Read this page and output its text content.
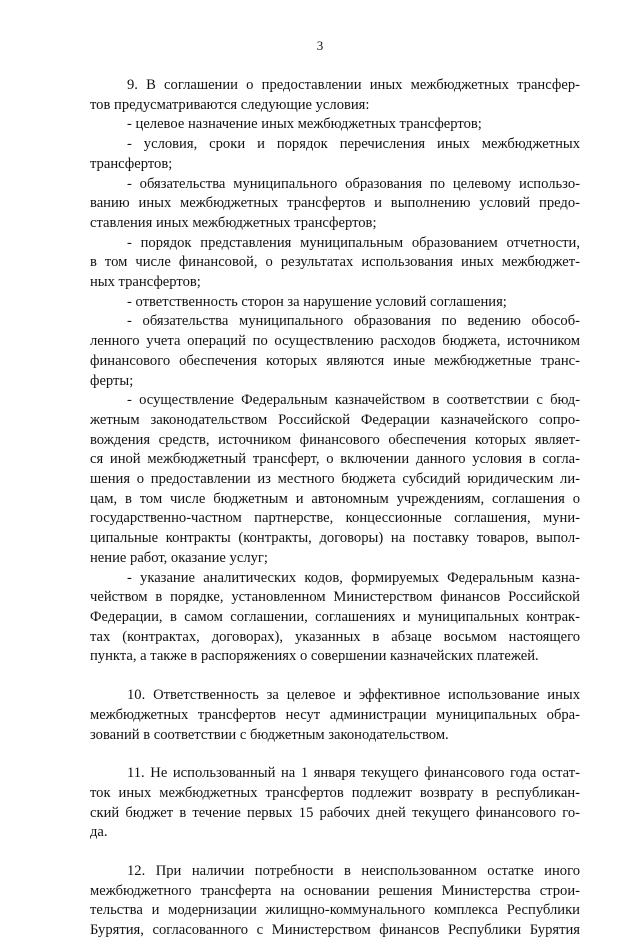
3
9. В соглашении о предоставлении иных межбюджетных трансфер-
тов предусматриваются следующие условия:
- целевое назначение иных межбюджетных трансфертов;
- условия, сроки и порядок перечисления иных межбюджетных
трансфертов;
- обязательства муниципального образования по целевому использо-
ванию иных межбюджетных трансфертов и выполнению условий предо-
ставления иных межбюджетных трансфертов;
- порядок представления муниципальным образованием отчетности,
в том числе финансовой, о результатах использования иных межбюджет-
ных трансфертов;
- ответственность сторон за нарушение условий соглашения;
- обязательства муниципального образования по ведению обособ-
ленного учета операций по осуществлению расходов бюджета, источником
финансового обеспечения которых являются иные межбюджетные транс-
ферты;
- осуществление Федеральным казначейством в соответствии с бюд-
жетным законодательством Российской Федерации казначейского сопро-
вождения средств, источником финансового обеспечения которых являет-
ся иной межбюджетный трансферт, о включении данного условия в согла-
шения о предоставлении из местного бюджета субсидий юридическим ли-
цам, в том числе бюджетным и автономным учреждениям, соглашения о
государственно-частном партнерстве, концессионные соглашения, муни-
ципальные контракты (контракты, договоры) на поставку товаров, выпол-
нение работ, оказание услуг;
- указание аналитических кодов, формируемых Федеральным казна-
чейством в порядке, установленном Министерством финансов Российской
Федерации, в самом соглашении, соглашениях и муниципальных контрак-
тах (контрактах, договорах), указанных в абзаце восьмом настоящего
пункта, а также в распоряжениях о совершении казначейских платежей.
10. Ответственность за целевое и эффективное использование иных
межбюджетных трансфертов несут администрации муниципальных обра-
зований в соответствии с бюджетным законодательством.
11. Не использованный на 1 января текущего финансового года остат-
ток иных межбюджетных трансфертов подлежит возврату в республикан-
ский бюджет в течение первых 15 рабочих дней текущего финансового го-
да.
12. При наличии потребности в неиспользованном остатке иного
межбюджетного трансферта на основании решения Министерства строи-
тельства и модернизации жилищно-коммунального комплекса Республики
Бурятия, согласованного с Министерством финансов Республики Бурятия
